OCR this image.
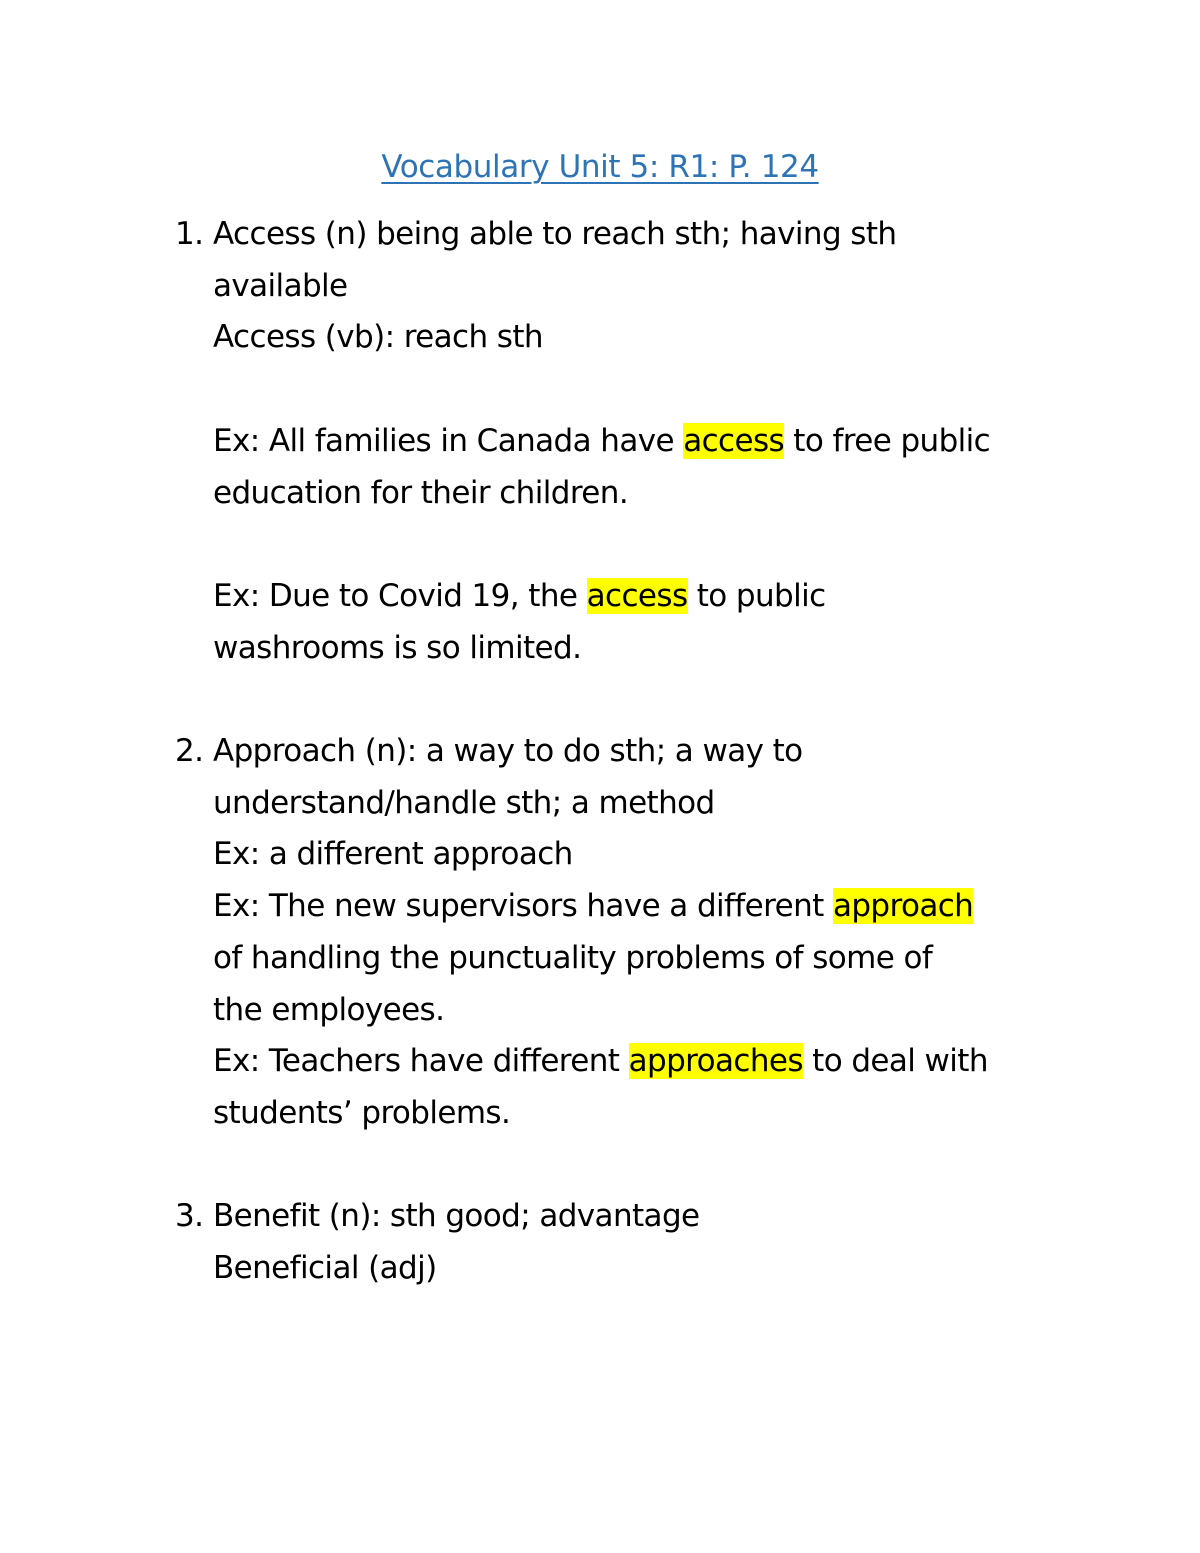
Vocabulary Unit 5: R1: P. 124
1. Access (n) being able to reach sth; having sth
available
Access (vb): reach sth
Ex: All families in Canada have access to free public
education for their children.
Ex: Due to Covid 19, the access to public
washrooms is so limited.
2. Approach (n): a way to do sth; a way to
understand/handle sth; a method
Ex: a different approach
Ex: The new supervisors have a different approach
of handling the punctuality problems of some of
the employees.
Ex: Teachers have different approaches to deal with
students’ problems.
3. Benefit (n): sth good; advantage
Beneficial (adj)
